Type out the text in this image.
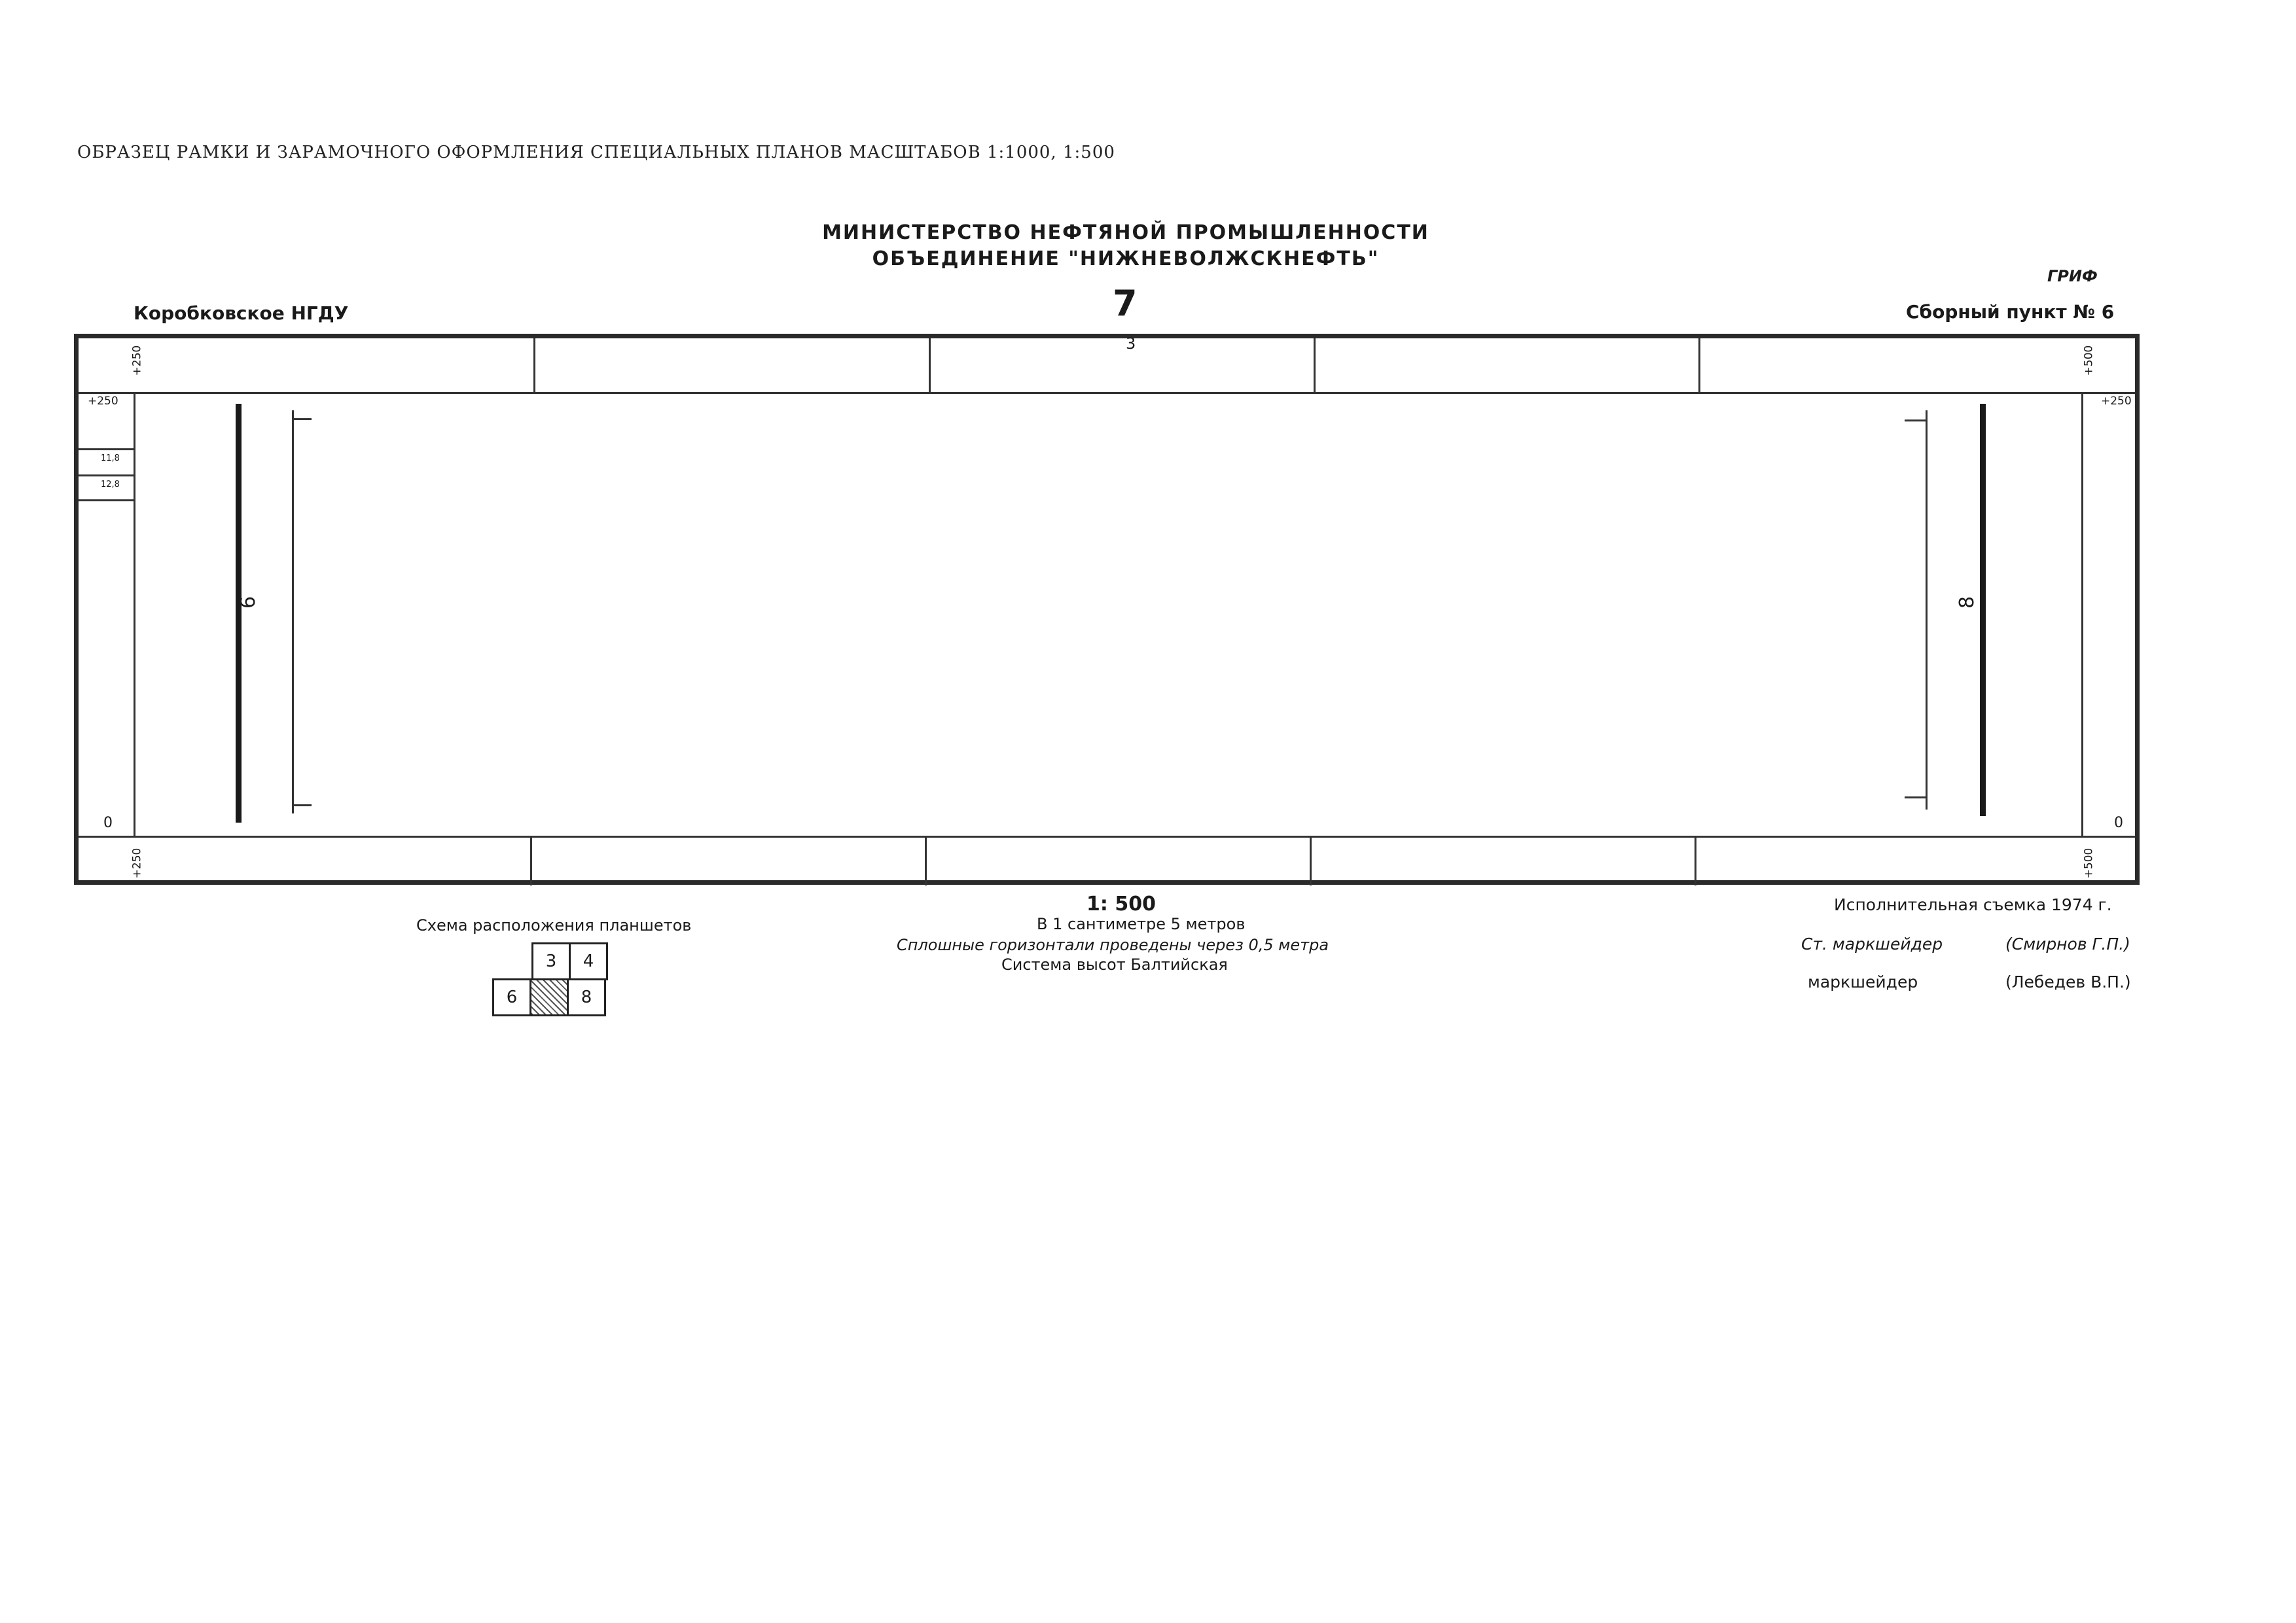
ОБРАЗЕЦ РАМКИ И ЗАРАМОЧНОГО ОФОРМЛЕНИЯ СПЕЦИАЛЬНЫХ ПЛАНОВ МАСШТАБОВ 1:1000, 1:500
МИНИСТЕРСТВО НЕФТЯНОЙ ПРОМЫШЛЕННОСТИ
ОБЪЕДИНЕНИЕ "НИЖНЕВОЛЖСКНЕФТЬ"
ГРИФ
Коробковское НГДУ	7	Сборный пункт № 6
3
+250	+500
+250	+500
+250	+250
0	0
11,8
12,8
6	8
Схема расположения планшетов
3	4
6	8
1: 500
В 1 сантиметре 5 метров
Сплошные горизонтали проведены через 0,5 метра
Система высот Балтийская
Исполнительная съемка 1974 г.
Ст. маркшейдер	(Смирнов Г.П.)
маркшейдер	(Лебедев В.П.)
